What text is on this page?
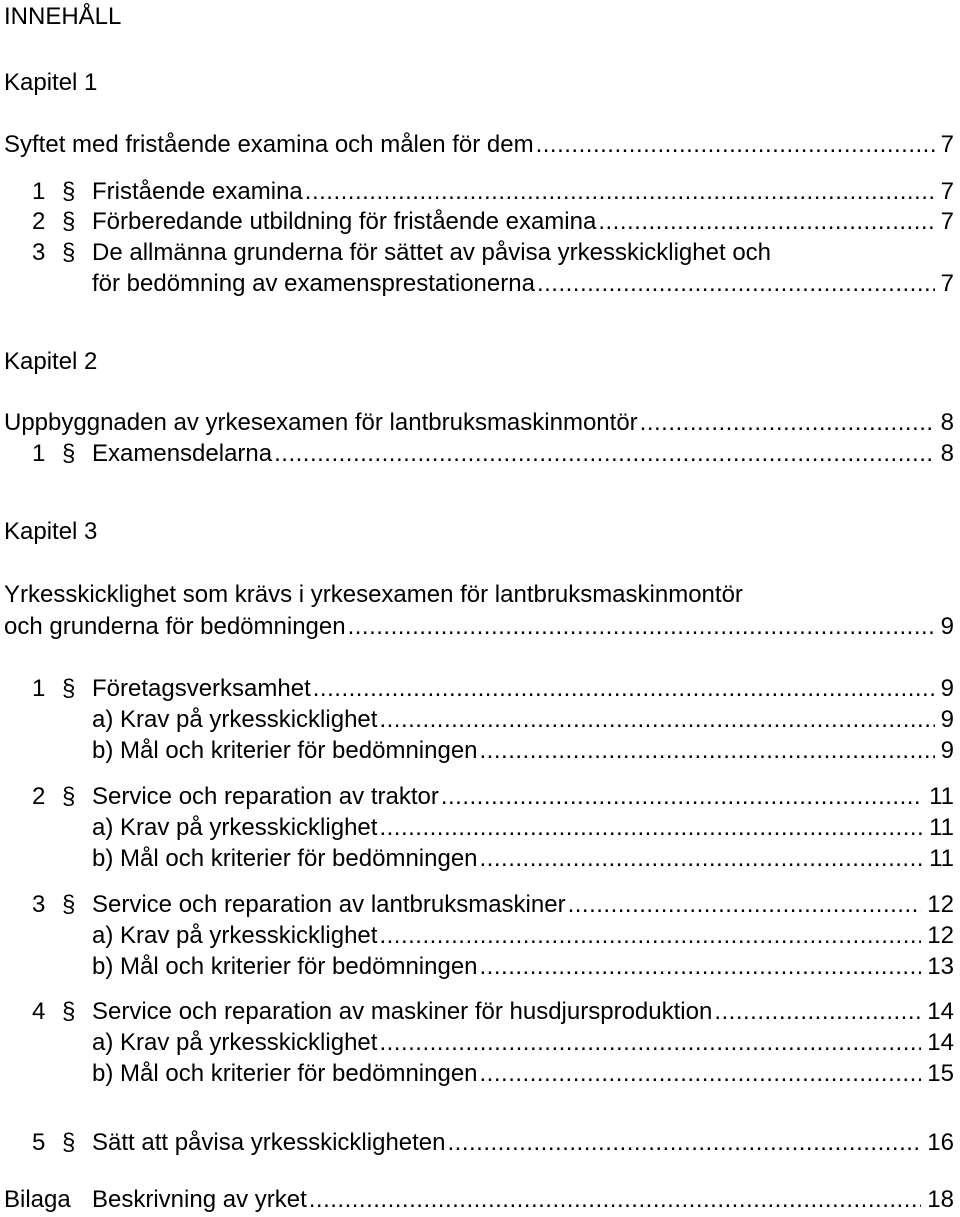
INNEHÅLL
Kapitel 1
Syftet med fristående examina och målen för dem .....	7
1 § Fristående examina .....	7
2 § Förberedande utbildning för fristående examina .....	7
3 § De allmänna grunderna för sättet av påvisa yrkesskicklighet och
för bedömning av examensprestationerna .....	7
Kapitel 2
Uppbyggnaden av yrkesexamen för lantbruksmaskinmontör .....	8
1 § Examensdelarna .....	8
Kapitel 3
Yrkesskicklighet som krävs i yrkesexamen för lantbruksmaskinmontör
och grunderna för bedömningen .....	9
1 § Företagsverksamhet .....	9
a) Krav på yrkesskicklighet .....	9
b) Mål och kriterier för bedömningen .....	9
2 § Service och reparation av traktor .....	11
a) Krav på yrkesskicklighet .....	11
b) Mål och kriterier för bedömningen .....	11
3 § Service och reparation av lantbruksmaskiner .....	12
a) Krav på yrkesskicklighet .....	12
b) Mål och kriterier för bedömningen .....	13
4 § Service och reparation av maskiner för husdjursproduktion .....	14
a) Krav på yrkesskicklighet .....	14
b) Mål och kriterier för bedömningen .....	15
5 § Sätt att påvisa yrkesskickligheten .....	16
Bilaga Beskrivning av yrket .....	18
